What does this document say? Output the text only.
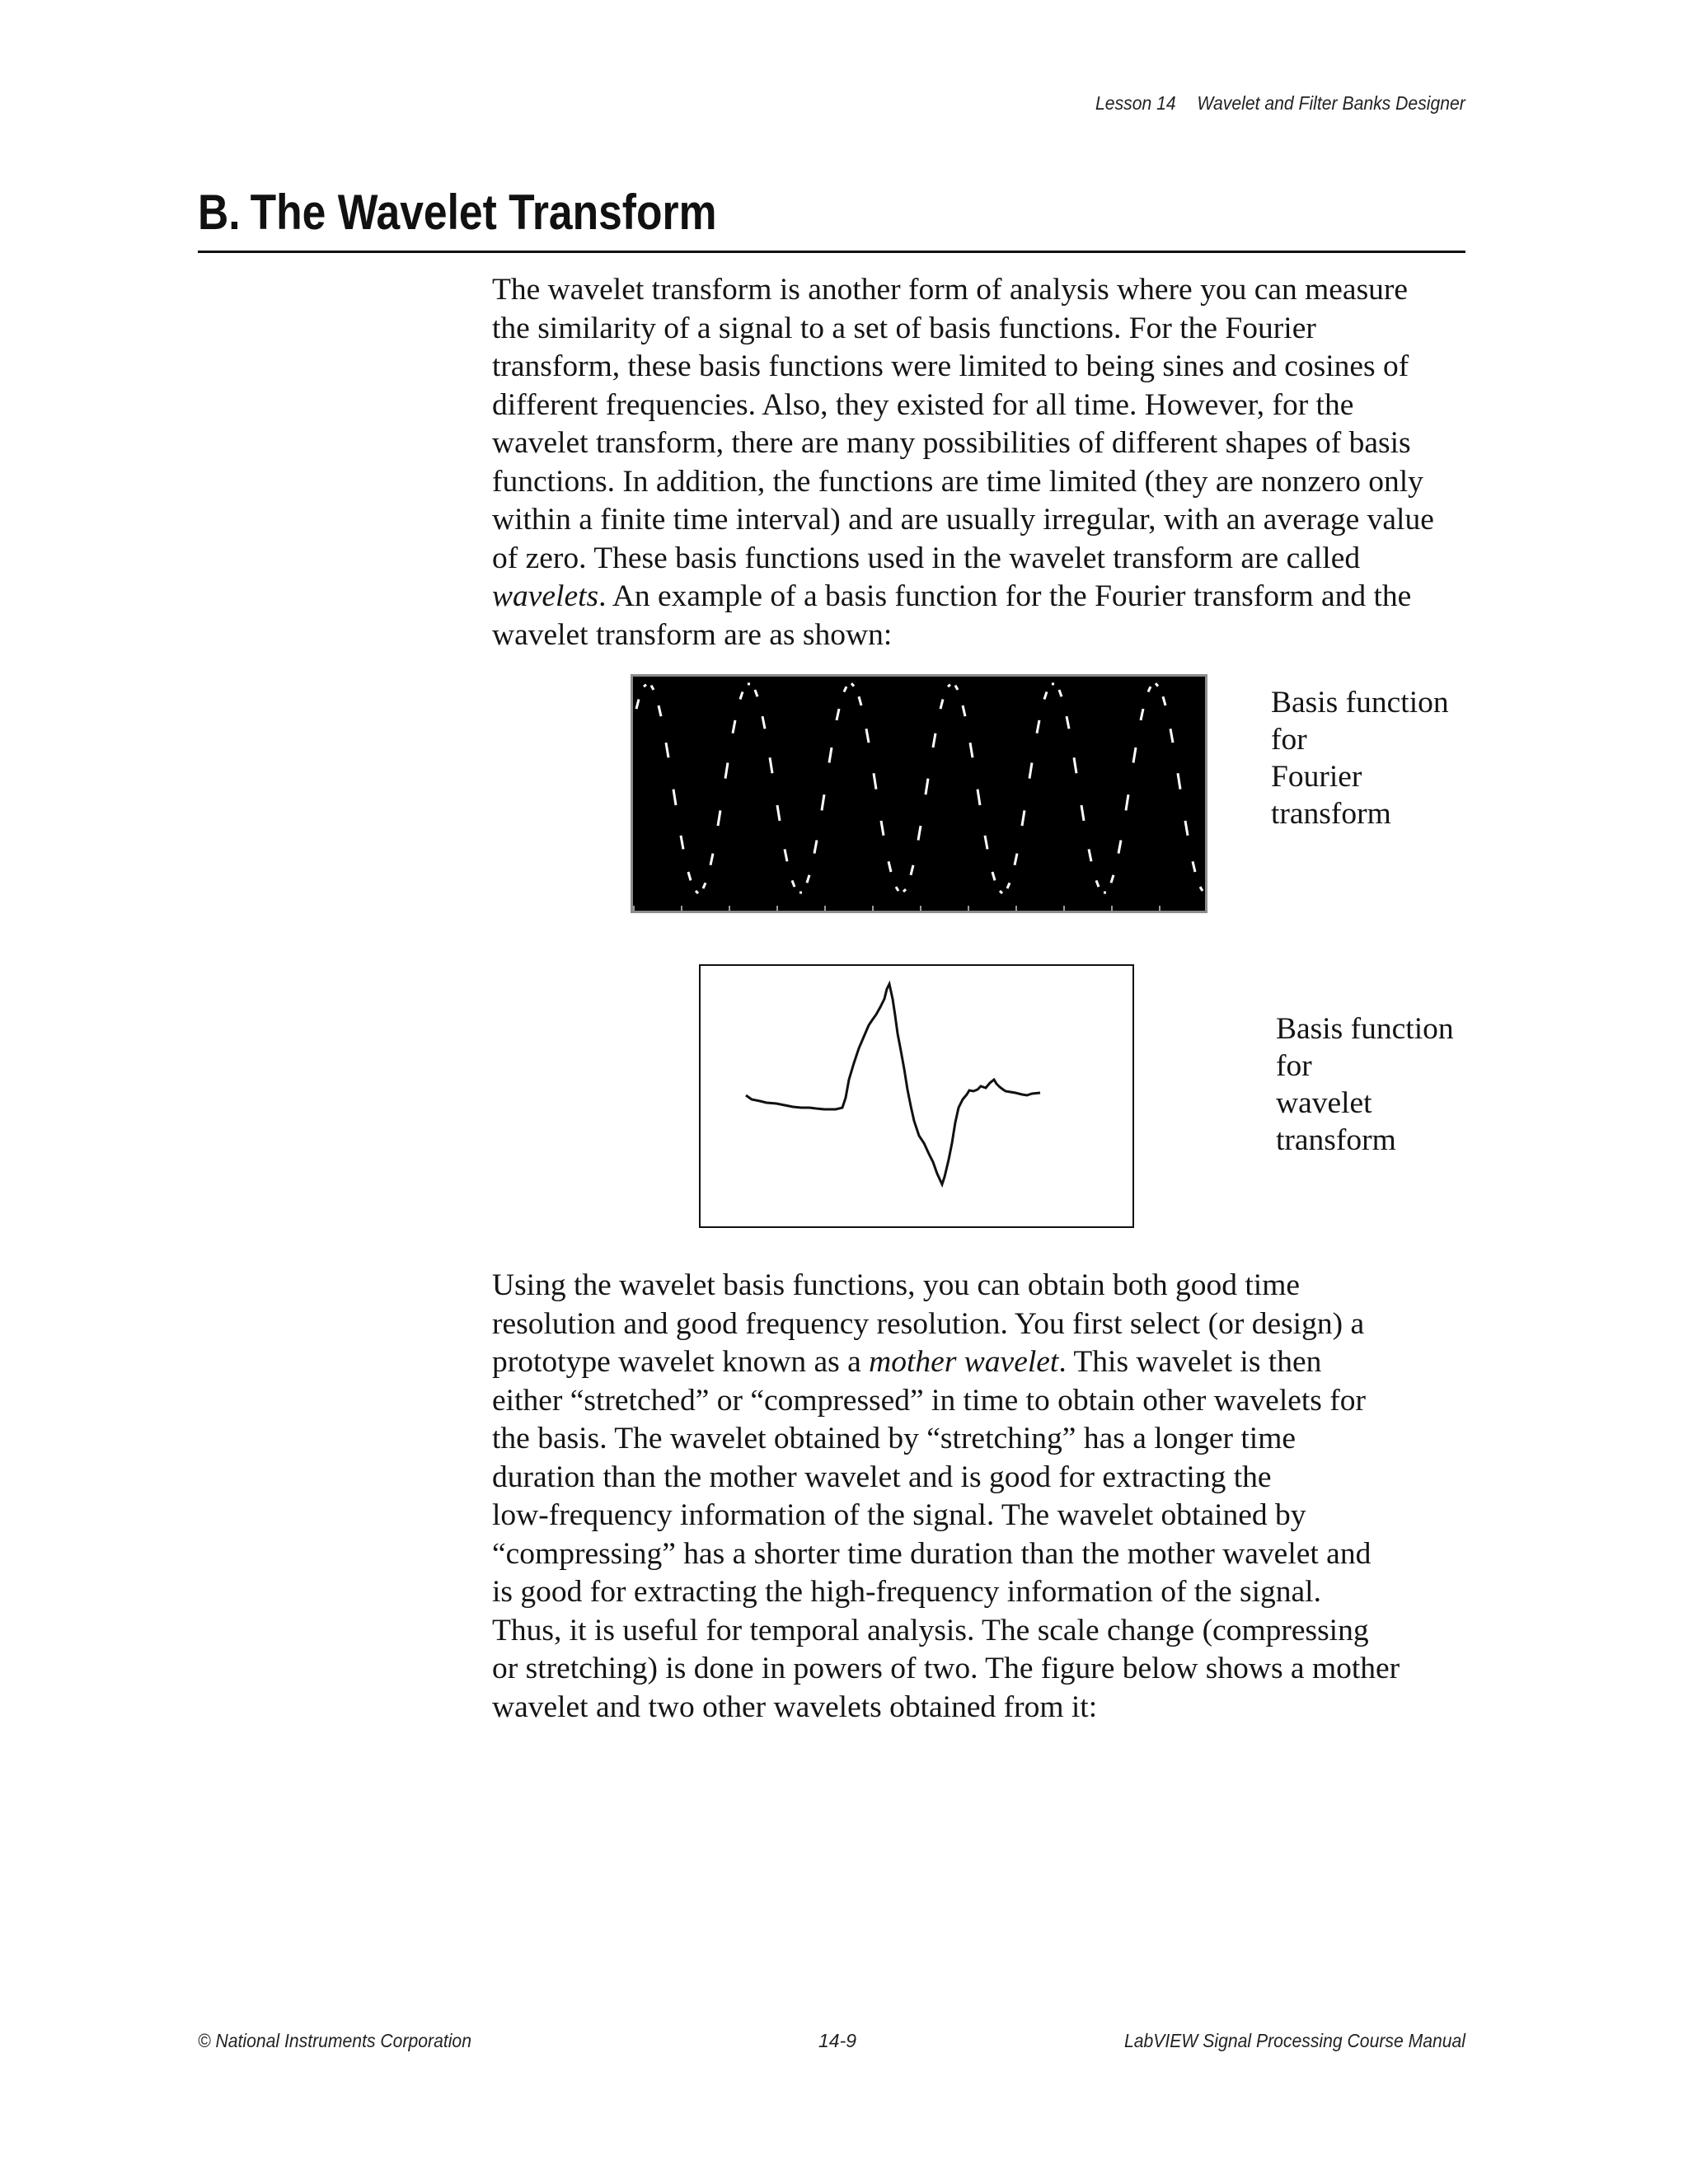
Lesson 14 Wavelet and Filter Banks Designer
B. The Wavelet Transform

The wavelet transform is another form of analysis where you can measure
the similarity of a signal to a set of basis functions. For the Fourier
transform, these basis functions were limited to being sines and cosines of
different frequencies. Also, they existed for all time. However, for the
wavelet transform, there are many possibilities of different shapes of basis
functions. In addition, the functions are time limited (they are nonzero only
within a finite time interval) and are usually irregular, with an average value
of zero. These basis functions used in the wavelet transform are called
wavelets. An example of a basis function for the Fourier transform and the
wavelet transform are as shown:

Basis function
for
Fourier
transform
Basis function
for
wavelet
transform

Using the wavelet basis functions, you can obtain both good time
resolution and good frequency resolution. You first select (or design) a
prototype wavelet known as a mother wavelet. This wavelet is then
either “stretched” or “compressed” in time to obtain other wavelets for
the basis. The wavelet obtained by “stretching” has a longer time
duration than the mother wavelet and is good for extracting the
low-frequency information of the signal. The wavelet obtained by
“compressing” has a shorter time duration than the mother wavelet and
is good for extracting the high-frequency information of the signal.
Thus, it is useful for temporal analysis. The scale change (compressing
or stretching) is done in powers of two. The figure below shows a mother
wavelet and two other wavelets obtained from it:

© National Instruments Corporation	14-9	LabVIEW Signal Processing Course Manual
